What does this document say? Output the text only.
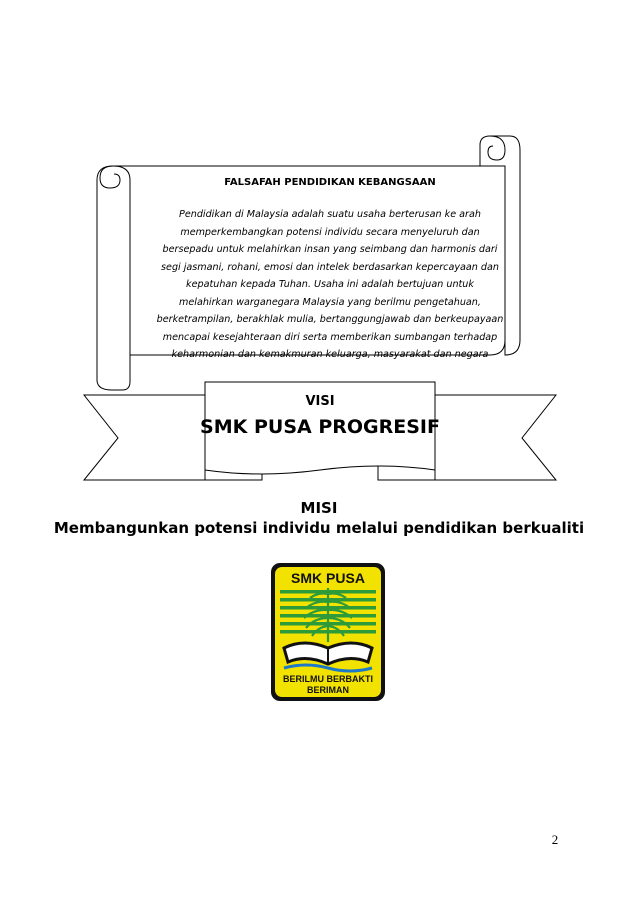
FALSAFAH PENDIDIKAN KEBANGSAAN
Pendidikan di Malaysia adalah suatu usaha berterusan ke arah
memperkembangkan potensi individu secara menyeluruh dan
bersepadu untuk melahirkan insan yang seimbang dan harmonis dari
segi jasmani, rohani, emosi dan intelek berdasarkan kepercayaan dan
kepatuhan kepada Tuhan. Usaha ini adalah bertujuan untuk
melahirkan warganegara Malaysia yang berilmu pengetahuan,
berketrampilan, berakhlak mulia, bertanggungjawab dan berkeupayaan
mencapai kesejahteraan diri serta memberikan sumbangan terhadap
keharmonian dan kemakmuran keluarga, masyarakat dan negara
VISI
SMK PUSA PROGRESIF
MISI
Membangunkan potensi individu melalui pendidikan berkualiti
SMK PUSA
BERILMU BERBAKTI
BERIMAN
2
